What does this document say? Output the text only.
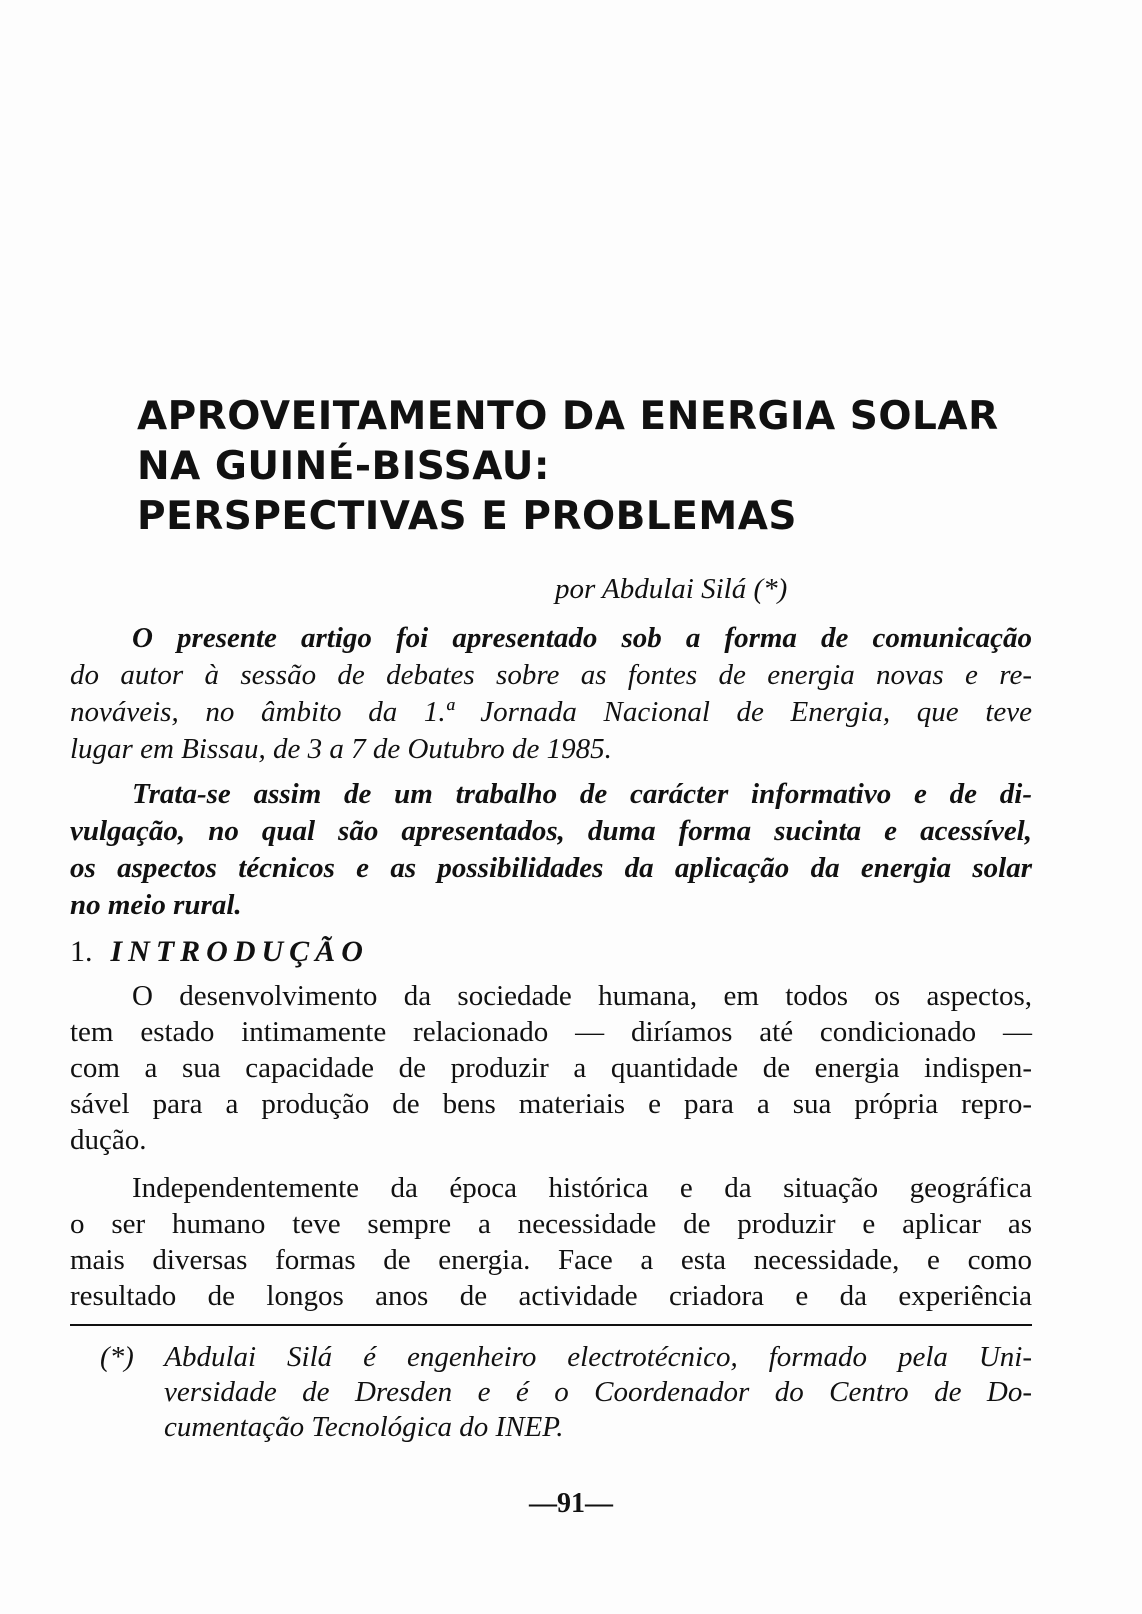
APROVEITAMENTO DA ENERGIA SOLAR
NA GUINÉ-BISSAU:
PERSPECTIVAS E PROBLEMAS
por Abdulai Silá (*)
O presente artigo foi apresentado sob a forma de comunicação
do autor à sessão de debates sobre as fontes de energia novas e re-
nováveis, no âmbito da 1.ª Jornada Nacional de Energia, que teve
lugar em Bissau, de 3 a 7 de Outubro de 1985.
Trata-se assim de um trabalho de carácter informativo e de di-
vulgação, no qual são apresentados, duma forma sucinta e acessível,
os aspectos técnicos e as possibilidades da aplicação da energia solar
no meio rural.
1. INTRODUÇÃO
O desenvolvimento da sociedade humana, em todos os aspectos,
tem estado intimamente relacionado — diríamos até condicionado —
com a sua capacidade de produzir a quantidade de energia indispen-
sável para a produção de bens materiais e para a sua própria repro-
dução.
Independentemente da época histórica e da situação geográfica
o ser humano teve sempre a necessidade de produzir e aplicar as
mais diversas formas de energia. Face a esta necessidade, e como
resultado de longos anos de actividade criadora e da experiência
(*) Abdulai Silá é engenheiro electrotécnico, formado pela Uni-
versidade de Dresden e é o Coordenador do Centro de Do-
cumentação Tecnológica do INEP.
—91—
